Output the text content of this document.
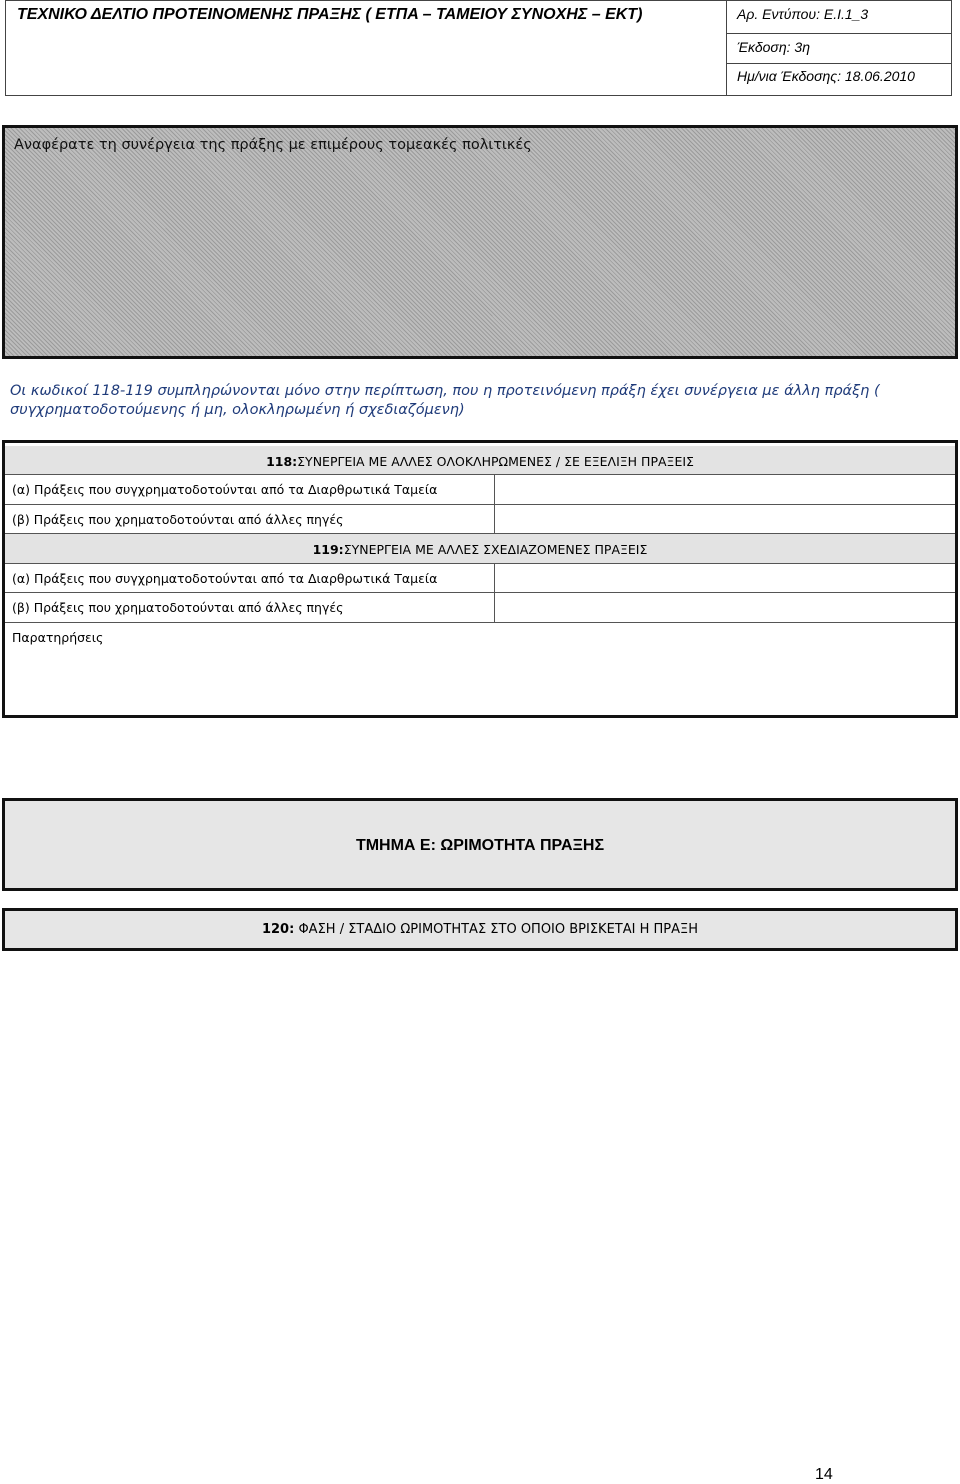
ΤΕΧΝΙΚΟ ΔΕΛΤΙΟ ΠΡΟΤΕΙΝΟΜΕΝΗΣ ΠΡΑΞΗΣ ( ΕΤΠΑ – ΤΑΜΕΙΟΥ ΣΥΝΟΧΗΣ – ΕΚΤ)	Αρ. Εντύπου: Ε.Ι.1_3
Έκδοση: 3η
Ημ/νια Έκδοσης: 18.06.2010
Αναφέρατε τη συνέργεια της πράξης με επιμέρους τομεακές πολιτικές
Οι κωδικοί 118-119 συμπληρώνονται μόνο στην περίπτωση, που η προτεινόμενη πράξη έχει συνέργεια με άλλη πράξη ( συγχρηματοδοτούμενης ή μη, ολοκληρωμένη ή σχεδιαζόμενη)
118:ΣΥΝΕΡΓΕΙΑ ΜΕ ΑΛΛΕΣ ΟΛΟΚΛΗΡΩΜΕΝΕΣ / ΣΕ ΕΞΕΛΙΞΗ ΠΡΑΞΕΙΣ
(α) Πράξεις που συγχρηματοδοτούνται από τα Διαρθρωτικά Ταμεία
(β) Πράξεις που χρηματοδοτούνται από άλλες πηγές
119:ΣΥΝΕΡΓΕΙΑ ΜΕ ΑΛΛΕΣ ΣΧΕΔΙΑΖΟΜΕΝΕΣ ΠΡΑΞΕΙΣ
(α) Πράξεις που συγχρηματοδοτούνται από τα Διαρθρωτικά Ταμεία
(β) Πράξεις που χρηματοδοτούνται από άλλες πηγές
Παρατηρήσεις
ΤΜΗΜΑ Ε: ΩΡΙΜΟΤΗΤΑ ΠΡΑΞΗΣ
120: ΦΑΣΗ / ΣΤΑΔΙΟ ΩΡΙΜΟΤΗΤΑΣ ΣΤΟ ΟΠΟΙΟ ΒΡΙΣΚΕΤΑΙ Η ΠΡΑΞΗ
14
